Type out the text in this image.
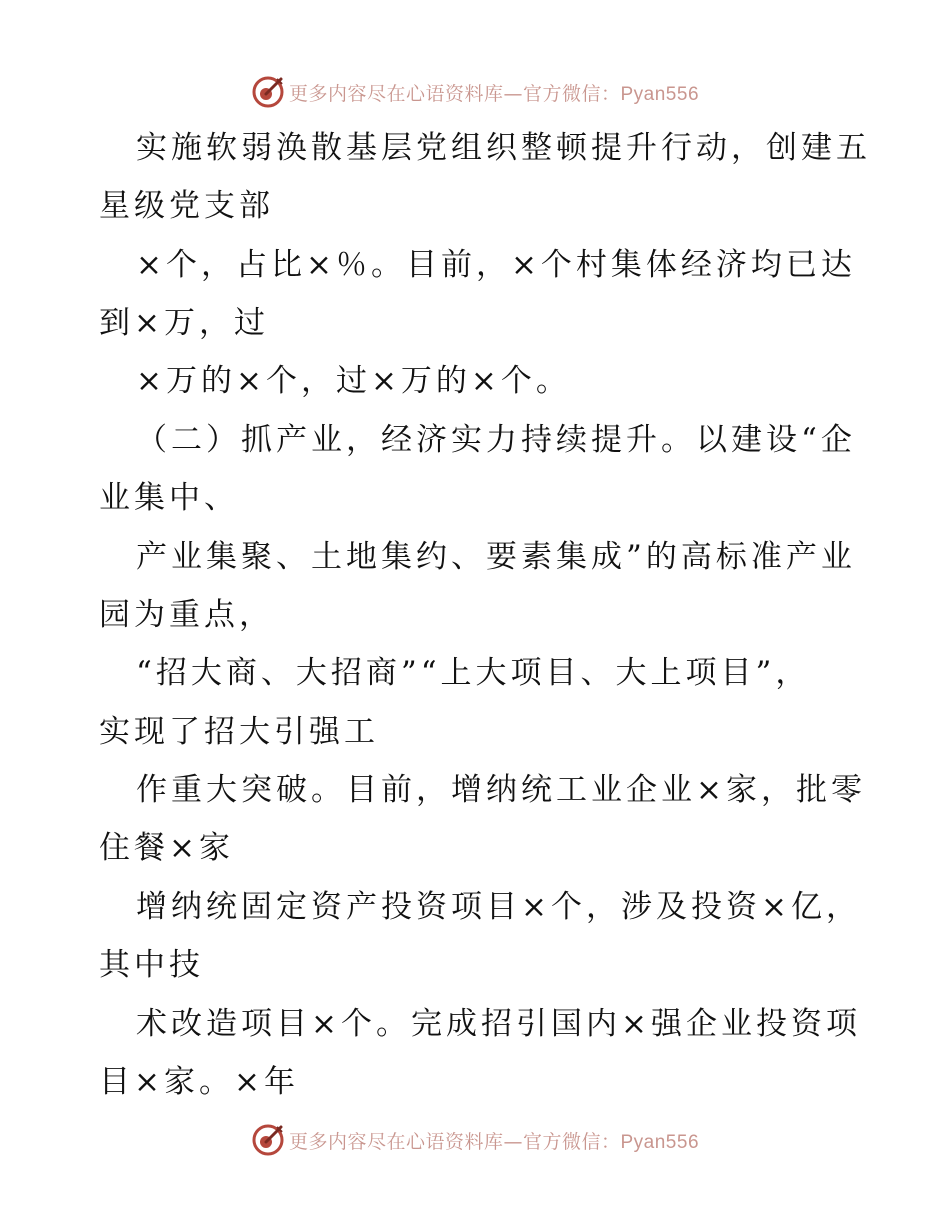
更多内容尽在心语资料库—官方微信：Pyan556
实施软弱涣散基层党组织整顿提升行动，创建五
星级党支部
×个，占比×％。目前，×个村集体经济均已达
到×万，过
×万的×个，过×万的×个。
（二）抓产业，经济实力持续提升。以建设“企
业集中、
产业集聚、土地集约、要素集成”的高标准产业
园为重点，
“招大商、大招商”“上大项目、大上项目”，
实现了招大引强工
作重大突破。目前，增纳统工业企业×家，批零
住餐×家
增纳统固定资产投资项目×个，涉及投资×亿，
其中技
术改造项目×个。完成招引国内×强企业投资项
目×家。×年
更多内容尽在心语资料库—官方微信：Pyan556
